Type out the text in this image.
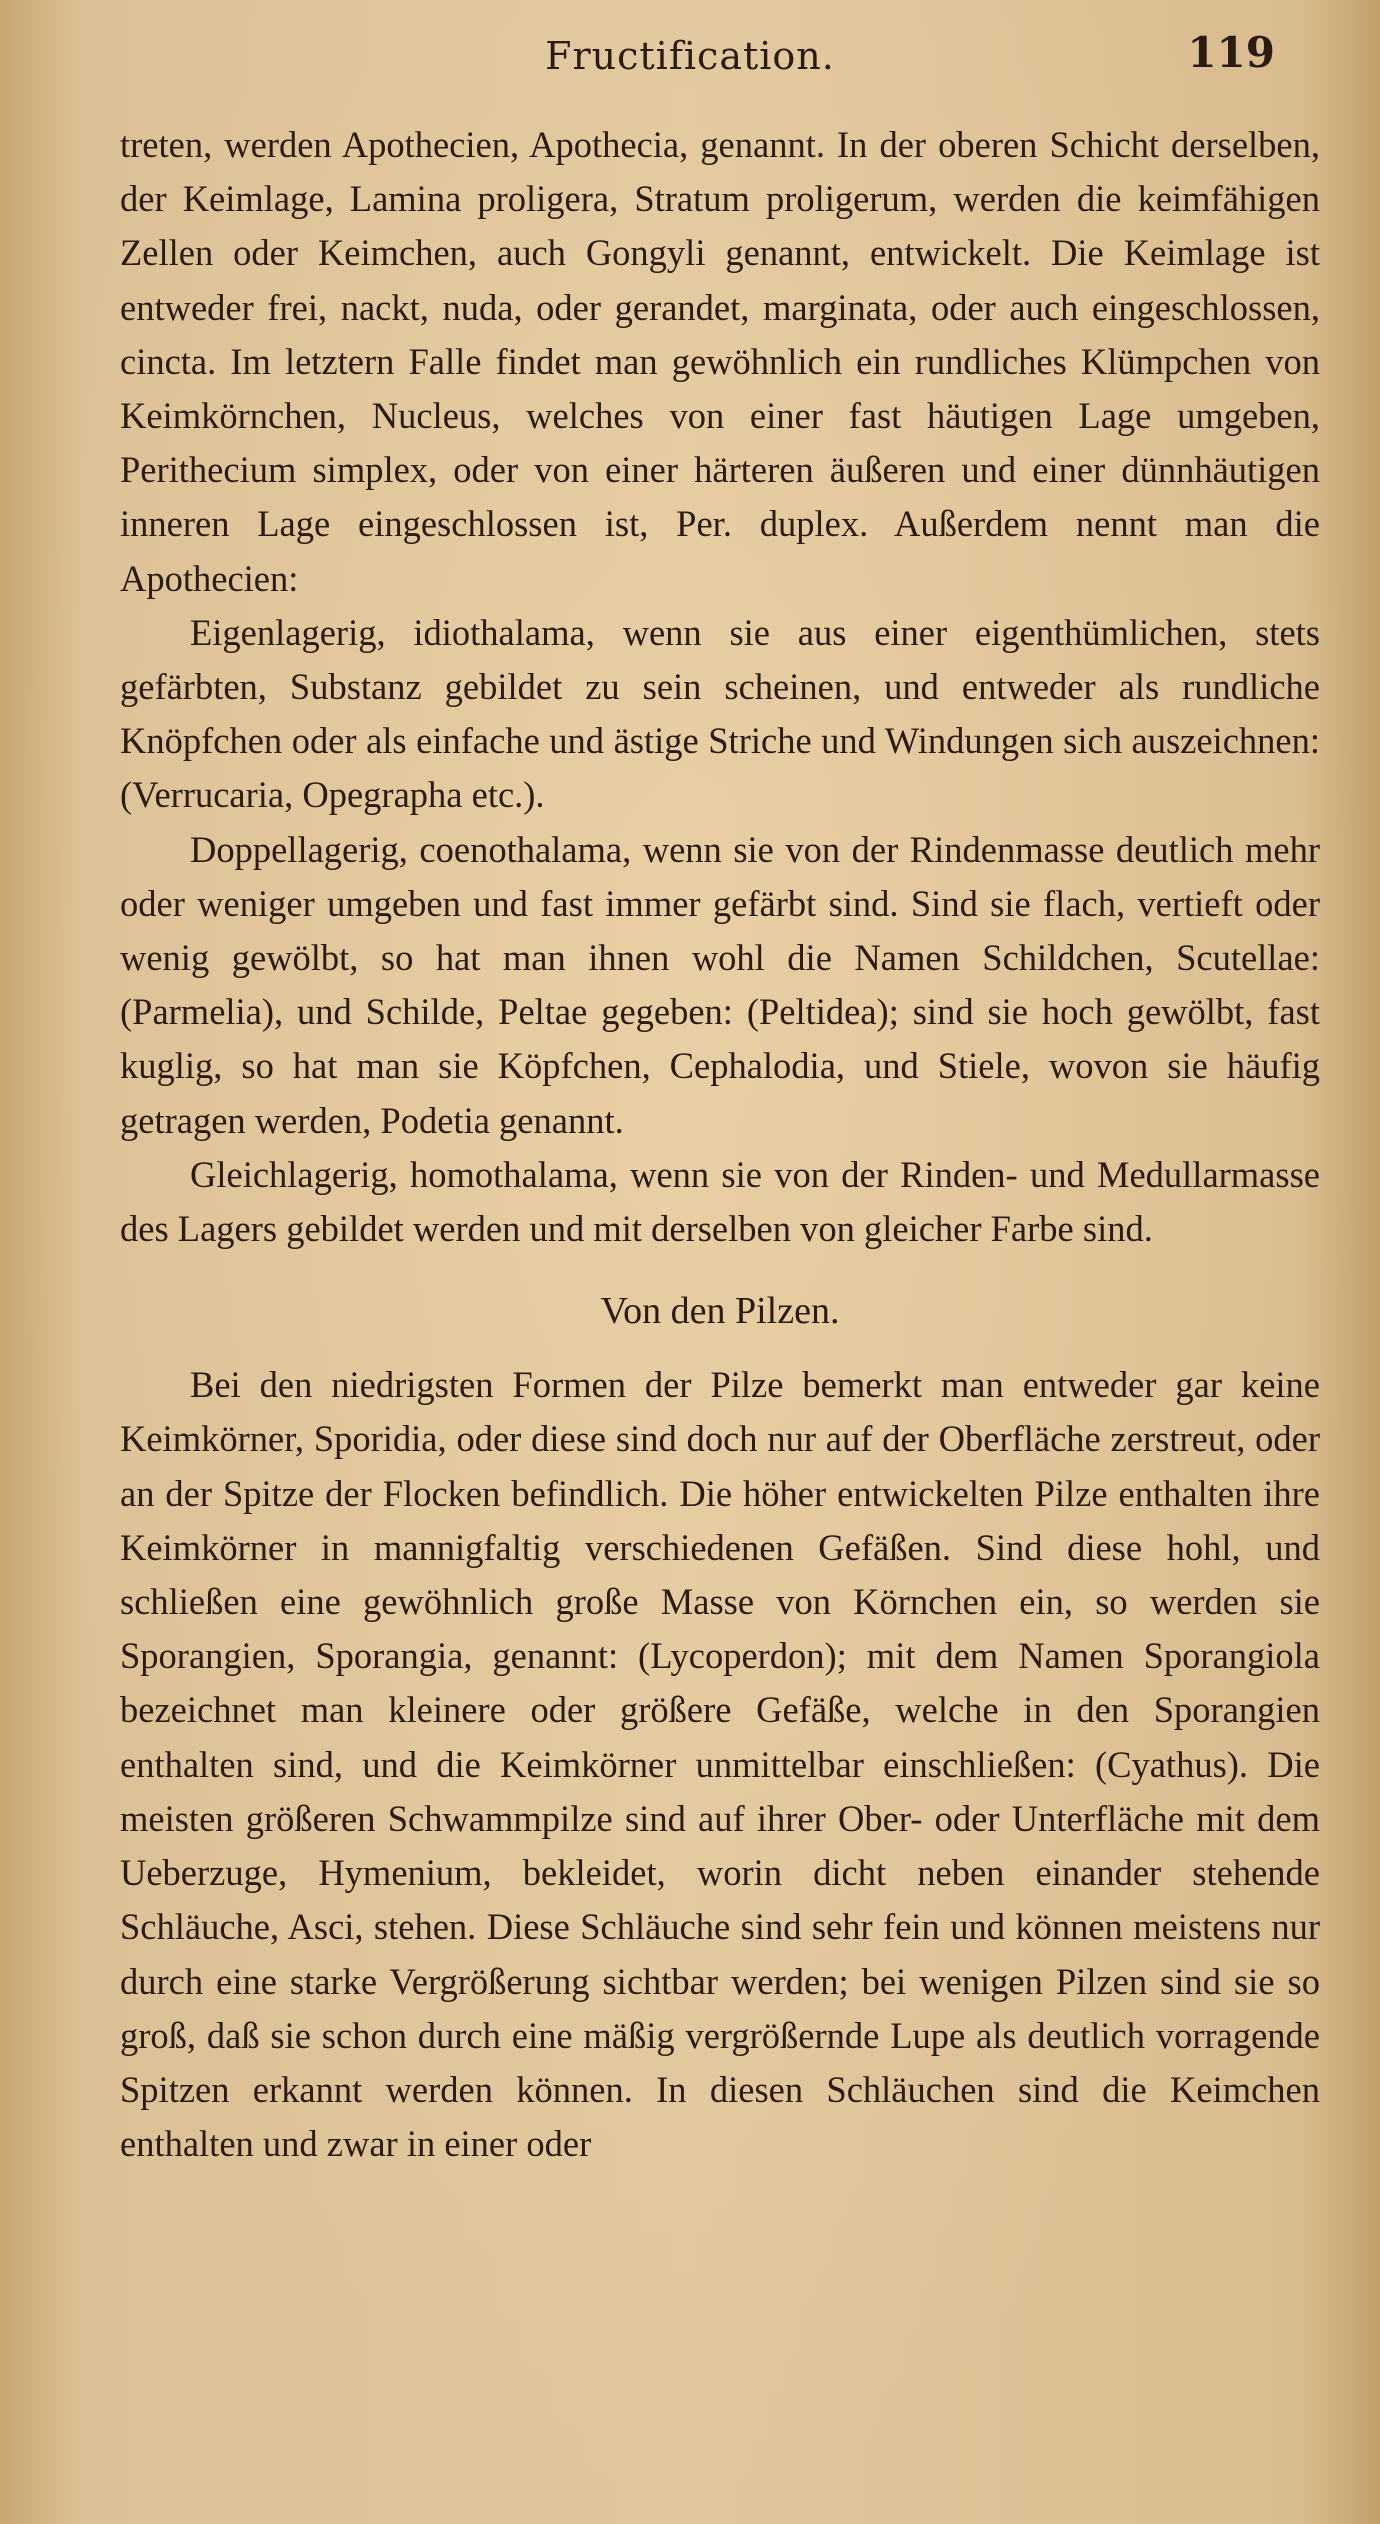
Fructification.	119

treten, werden Apothecien, Apothecia, genannt. In der oberen Schicht derselben, der Keimlage, Lamina proligera, Stratum proligerum, werden die keimfähigen Zellen oder Keimchen, auch Gongyli genannt, entwickelt. Die Keimlage ist entweder frei, nackt, nuda, oder gerandet, marginata, oder auch eingeschlossen, cincta. Im letztern Falle findet man gewöhnlich ein rundliches Klümpchen von Keimkörnchen, Nucleus, welches von einer fast häutigen Lage umgeben, Perithecium simplex, oder von einer härteren äußeren und einer dünnhäutigen inneren Lage eingeschlossen ist, Per. duplex. Außerdem nennt man die Apothecien:

Eigenlagerig, idiothalama, wenn sie aus einer eigenthümlichen, stets gefärbten, Substanz gebildet zu sein scheinen, und entweder als rundliche Knöpfchen oder als einfache und ästige Striche und Windungen sich auszeichnen: (Verrucaria, Opegrapha etc.).

Doppellagerig, coenothalama, wenn sie von der Rindenmasse deutlich mehr oder weniger umgeben und fast immer gefärbt sind. Sind sie flach, vertieft oder wenig gewölbt, so hat man ihnen wohl die Namen Schildchen, Scutellae: (Parmelia), und Schilde, Peltae gegeben: (Peltidea); sind sie hoch gewölbt, fast kuglig, so hat man sie Köpfchen, Cephalodia, und Stiele, wovon sie häufig getragen werden, Podetia genannt.

Gleichlagerig, homothalama, wenn sie von der Rinden- und Medullarmasse des Lagers gebildet werden und mit derselben von gleicher Farbe sind.

Von den Pilzen.

Bei den niedrigsten Formen der Pilze bemerkt man entweder gar keine Keimkörner, Sporidia, oder diese sind doch nur auf der Oberfläche zerstreut, oder an der Spitze der Flocken befindlich. Die höher entwickelten Pilze enthalten ihre Keimkörner in mannigfaltig verschiedenen Gefäßen. Sind diese hohl, und schließen eine gewöhnlich große Masse von Körnchen ein, so werden sie Sporangien, Sporangia, genannt: (Lycoperdon); mit dem Namen Sporangiola bezeichnet man kleinere oder größere Gefäße, welche in den Sporangien enthalten sind, und die Keimkörner unmittelbar einschließen: (Cyathus). Die meisten größeren Schwammpilze sind auf ihrer Ober- oder Unterfläche mit dem Ueberzuge, Hymenium, bekleidet, worin dicht neben einander stehende Schläuche, Asci, stehen. Diese Schläuche sind sehr fein und können meistens nur durch eine starke Vergrößerung sichtbar werden; bei wenigen Pilzen sind sie so groß, daß sie schon durch eine mäßig vergrößernde Lupe als deutlich vorragende Spitzen erkannt werden können. In diesen Schläuchen sind die Keimchen enthalten und zwar in einer oder
